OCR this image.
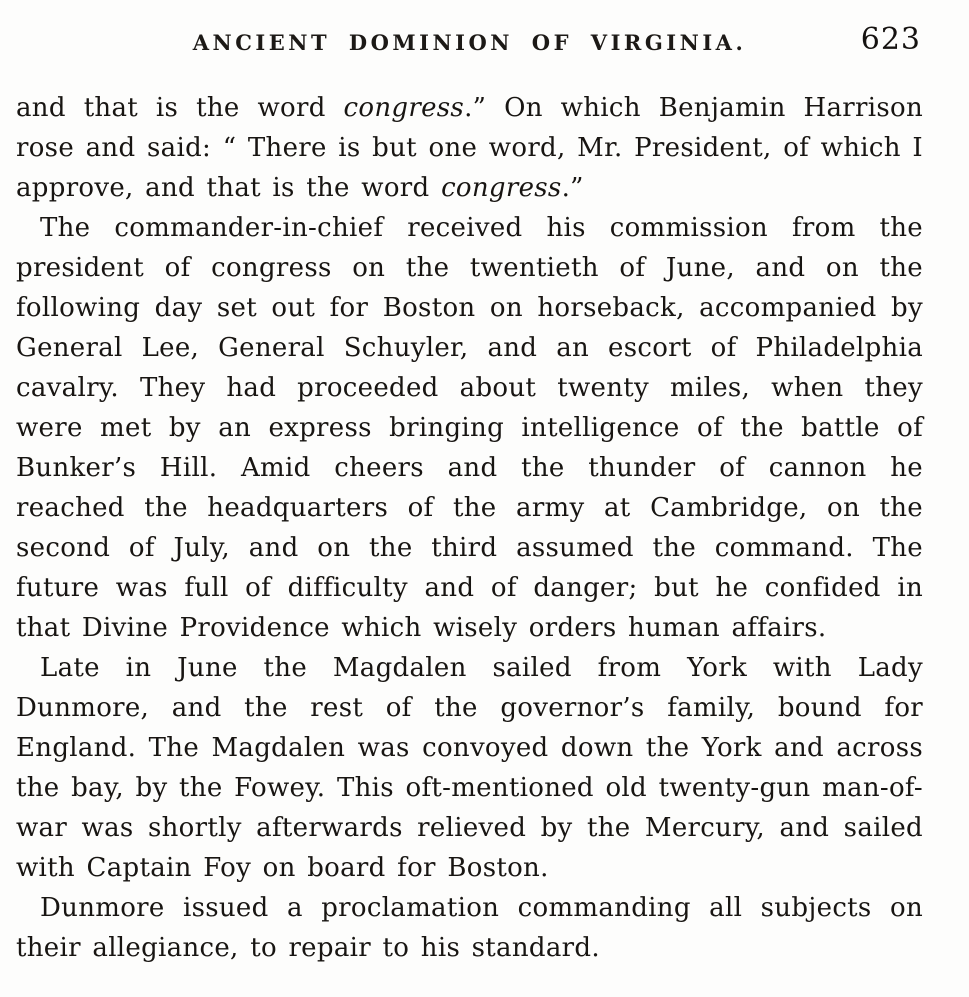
ANCIENT DOMINION OF VIRGINIA.	623

and that is the word congress.” On which Benjamin Harrison rose and said: “ There is but one word, Mr. President, of which I approve, and that is the word congress.”

The commander-in-chief received his commission from the president of congress on the twentieth of June, and on the following day set out for Boston on horseback, accompanied by General Lee, General Schuyler, and an escort of Philadelphia cavalry. They had proceeded about twenty miles, when they were met by an express bringing intelligence of the battle of Bunker’s Hill. Amid cheers and the thunder of cannon he reached the headquarters of the army at Cambridge, on the second of July, and on the third assumed the command. The future was full of difficulty and of danger; but he confided in that Divine Providence which wisely orders human affairs.

Late in June the Magdalen sailed from York with Lady Dunmore, and the rest of the governor’s family, bound for England. The Magdalen was convoyed down the York and across the bay, by the Fowey. This oft-mentioned old twenty-gun man-of-war was shortly afterwards relieved by the Mercury, and sailed with Captain Foy on board for Boston.

Dunmore issued a proclamation commanding all subjects on their allegiance, to repair to his standard.
